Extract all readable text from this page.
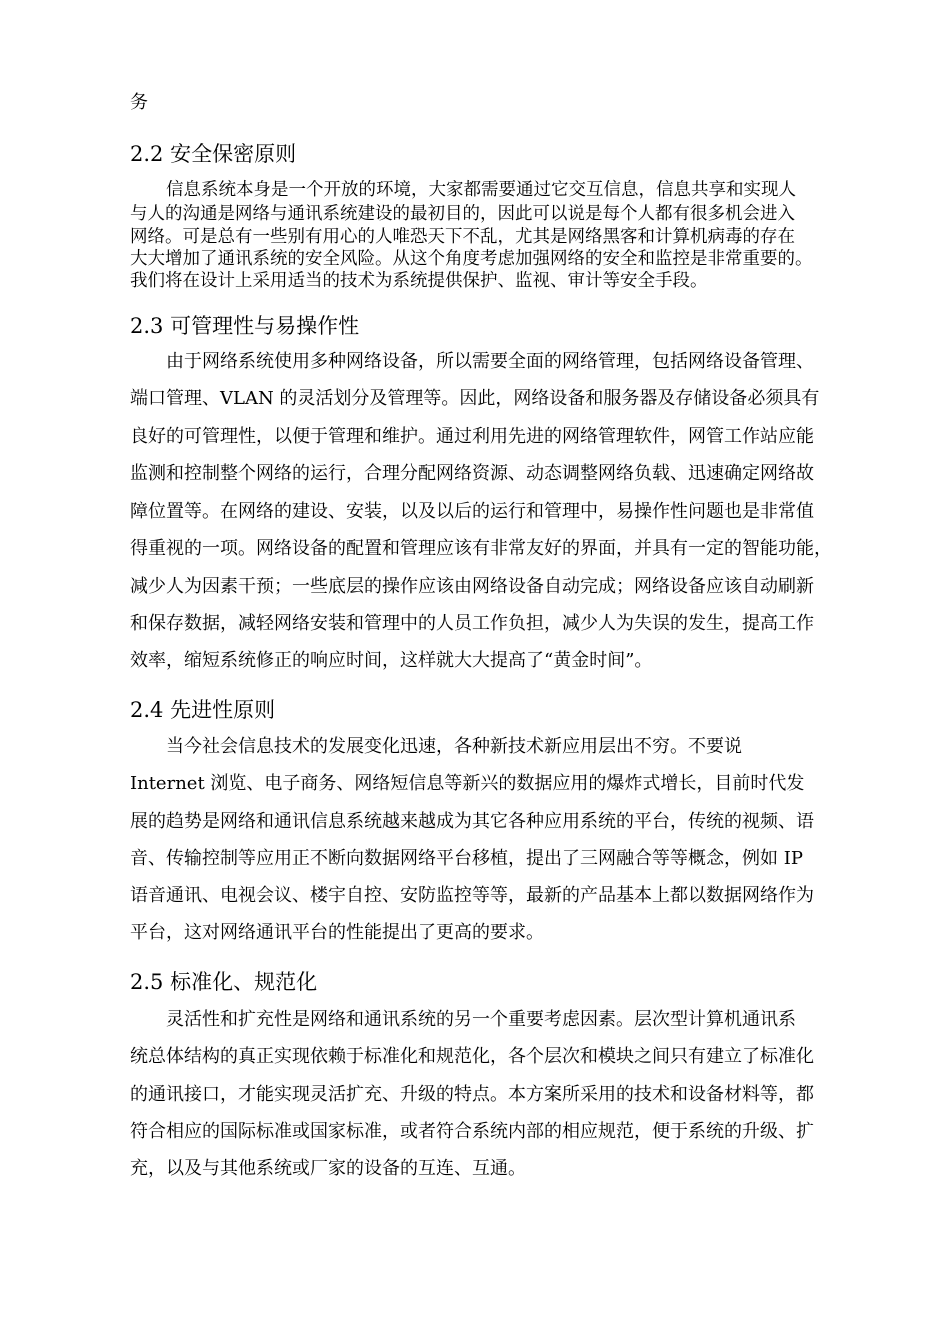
务
2.2 安全保密原则
信息系统本身是一个开放的环境，大家都需要通过它交互信息，信息共享和实现人
与人的沟通是网络与通讯系统建设的最初目的，因此可以说是每个人都有很多机会进入
网络。可是总有一些别有用心的人唯恐天下不乱，尤其是网络黑客和计算机病毒的存在
大大增加了通讯系统的安全风险。从这个角度考虑加强网络的安全和监控是非常重要的。
我们将在设计上采用适当的技术为系统提供保护、监视、审计等安全手段。
2.3 可管理性与易操作性
由于网络系统使用多种网络设备，所以需要全面的网络管理，包括网络设备管理、
端口管理、VLAN 的灵活划分及管理等。因此，网络设备和服务器及存储设备必须具有
良好的可管理性，以便于管理和维护。通过利用先进的网络管理软件，网管工作站应能
监测和控制整个网络的运行，合理分配网络资源、动态调整网络负载、迅速确定网络故
障位置等。在网络的建设、安装，以及以后的运行和管理中，易操作性问题也是非常值
得重视的一项。网络设备的配置和管理应该有非常友好的界面，并具有一定的智能功能，
减少人为因素干预；一些底层的操作应该由网络设备自动完成；网络设备应该自动刷新
和保存数据，减轻网络安装和管理中的人员工作负担，减少人为失误的发生，提高工作
效率，缩短系统修正的响应时间，这样就大大提高了“黄金时间”。
2.4 先进性原则
当今社会信息技术的发展变化迅速，各种新技术新应用层出不穷。不要说
Internet 浏览、电子商务、网络短信息等新兴的数据应用的爆炸式增长，目前时代发
展的趋势是网络和通讯信息系统越来越成为其它各种应用系统的平台，传统的视频、语
音、传输控制等应用正不断向数据网络平台移植，提出了三网融合等等概念，例如 IP
语音通讯、电视会议、楼宇自控、安防监控等等，最新的产品基本上都以数据网络作为
平台，这对网络通讯平台的性能提出了更高的要求。
2.5 标准化、规范化
灵活性和扩充性是网络和通讯系统的另一个重要考虑因素。层次型计算机通讯系
统总体结构的真正实现依赖于标准化和规范化，各个层次和模块之间只有建立了标准化
的通讯接口，才能实现灵活扩充、升级的特点。本方案所采用的技术和设备材料等，都
符合相应的国际标准或国家标准，或者符合系统内部的相应规范，便于系统的升级、扩
充，以及与其他系统或厂家的设备的互连、互通。
